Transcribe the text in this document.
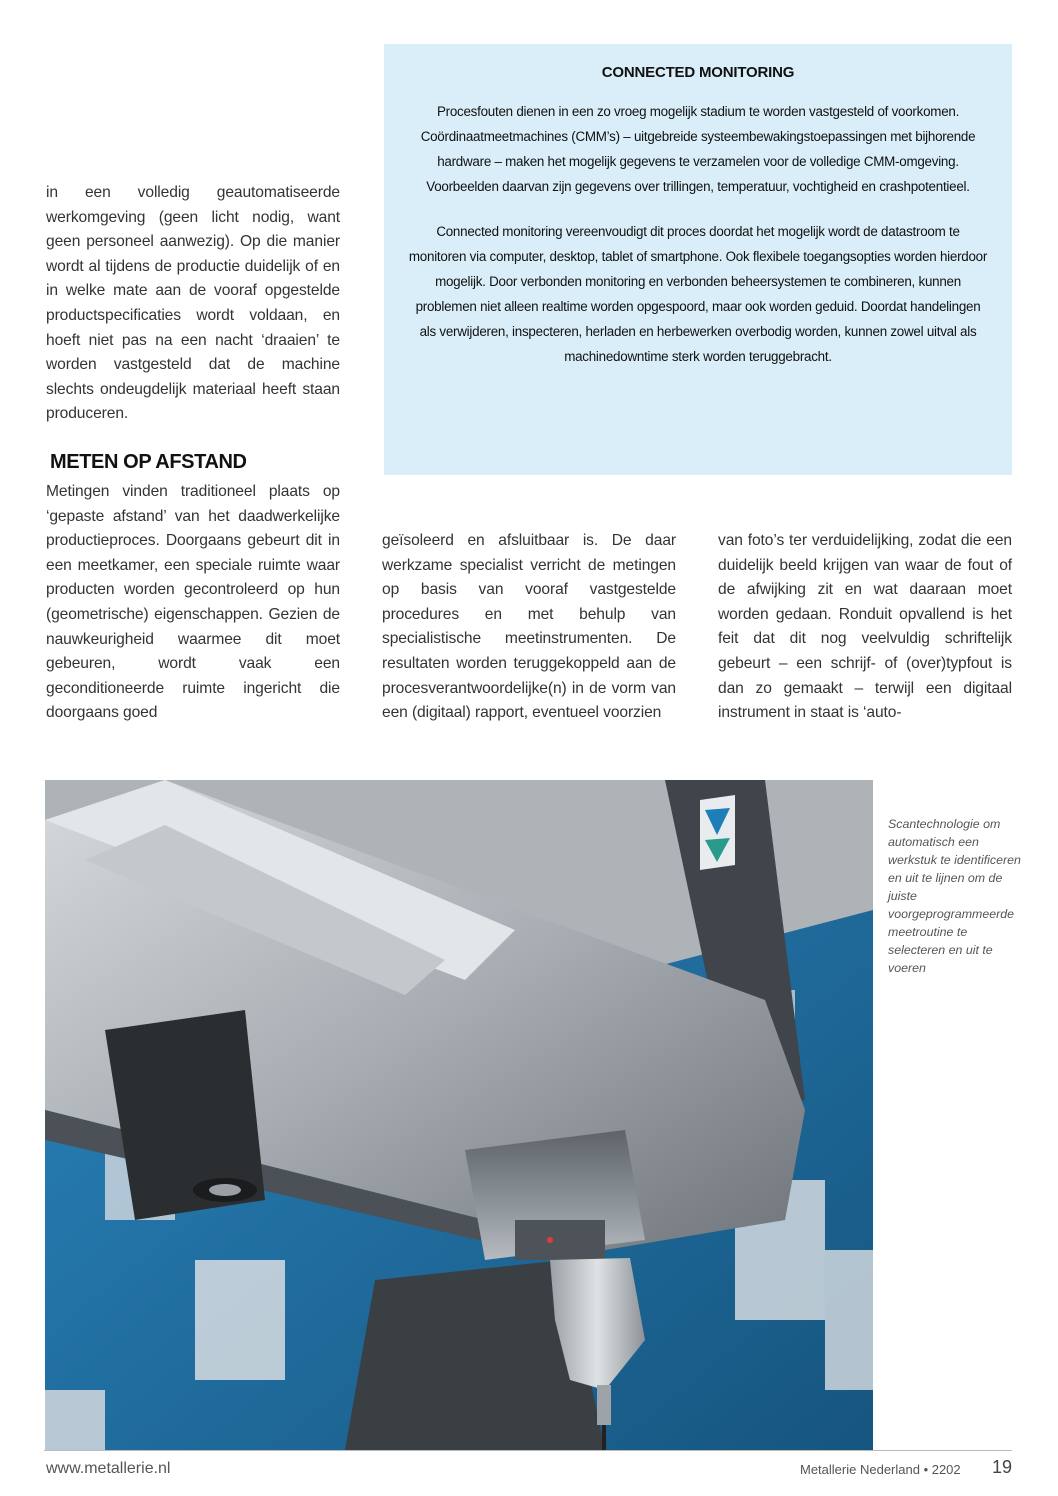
CONNECTED MONITORING

Procesfouten dienen in een zo vroeg mogelijk stadium te worden vastgesteld of voorkomen. Coördinaatmeetmachines (CMM’s) – uitgebreide systeembewakingstoepassingen met bijhorende hardware – maken het mogelijk gegevens te verzamelen voor de volledige CMM-omgeving. Voorbeelden daarvan zijn gegevens over trillingen, temperatuur, vochtigheid en crashpotentieel.

Connected monitoring vereenvoudigt dit proces doordat het mogelijk wordt de datastroom te monitoren via computer, desktop, tablet of smartphone. Ook flexibele toegangsopties worden hierdoor mogelijk. Door verbonden monitoring en verbonden beheersystemen te combineren, kunnen problemen niet alleen realtime worden opgespoord, maar ook worden geduid. Doordat handelingen als verwijderen, inspecteren, herladen en herbewerken overbodig worden, kunnen zowel uitval als machinedowntime sterk worden teruggebracht.

in een volledig geautomatiseerde werkomgeving (geen licht nodig, want geen personeel aanwezig). Op die manier wordt al tijdens de productie duidelijk of en in welke mate aan de vooraf opgestelde productspecificaties wordt voldaan, en hoeft niet pas na een nacht ‘draaien’ te worden vastgesteld dat de machine slechts ondeugdelijk materiaal heeft staan produceren.

METEN OP AFSTAND

Metingen vinden traditioneel plaats op ‘gepaste afstand’ van het daadwerkelijke productieproces. Doorgaans gebeurt dit in een meetkamer, een speciale ruimte waar producten worden gecontroleerd op hun (geometrische) eigenschappen. Gezien de nauwkeurigheid waarmee dit moet gebeuren, wordt vaak een geconditioneerde ruimte ingericht die doorgaans goed

geïsoleerd en afsluitbaar is. De daar werkzame specialist verricht de metingen op basis van vooraf vastgestelde procedures en met behulp van specialistische meetinstrumenten. De resultaten worden teruggekoppeld aan de procesverantwoordelijke(n) in de vorm van een (digitaal) rapport, eventueel voorzien

van foto’s ter verduidelijking, zodat die een duidelijk beeld krijgen van waar de fout of de afwijking zit en wat daaraan moet worden gedaan. Ronduit opvallend is het feit dat dit nog veelvuldig schriftelijk gebeurt – een schrijf- of (over)typfout is dan zo gemaakt – terwijl een digitaal instrument in staat is ‘auto-

Scantechnologie om automatisch een werkstuk te identificeren en uit te lijnen om de juiste voorgeprogrammeerde meetroutine te selecteren en uit te voeren

www.metallerie.nl	Metallerie Nederland • 2202 19
